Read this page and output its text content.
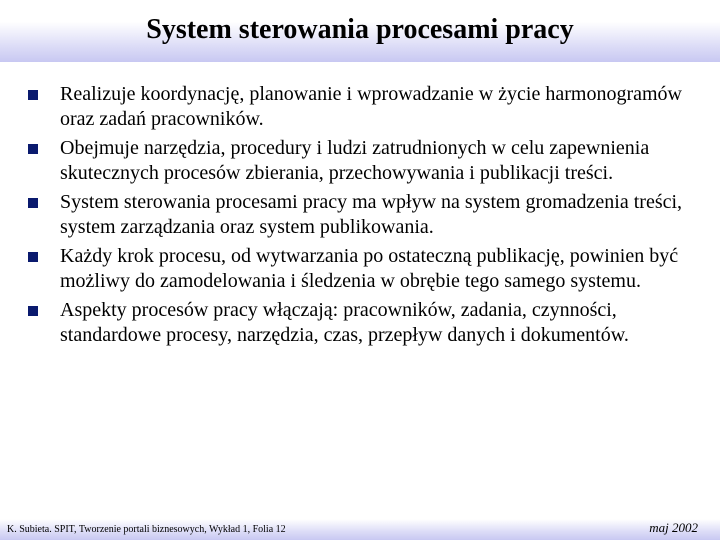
System sterowania procesami pracy
Realizuje koordynację, planowanie i wprowadzanie w życie harmonogramów oraz zadań pracowników.
Obejmuje narzędzia, procedury i ludzi zatrudnionych w celu zapewnienia skutecznych procesów zbierania, przechowywania i publikacji treści.
System sterowania procesami pracy ma wpływ na system gromadzenia treści, system zarządzania oraz system publikowania.
Każdy krok procesu, od wytwarzania po ostateczną publikację, powinien być możliwy do zamodelowania i śledzenia w obrębie tego samego systemu.
Aspekty procesów pracy włączają: pracowników, zadania, czynności, standardowe procesy, narzędzia, czas, przepływ danych i dokumentów.
K. Subieta. SPIT, Tworzenie portali biznesowych, Wykład 1, Folia 12	maj 2002
